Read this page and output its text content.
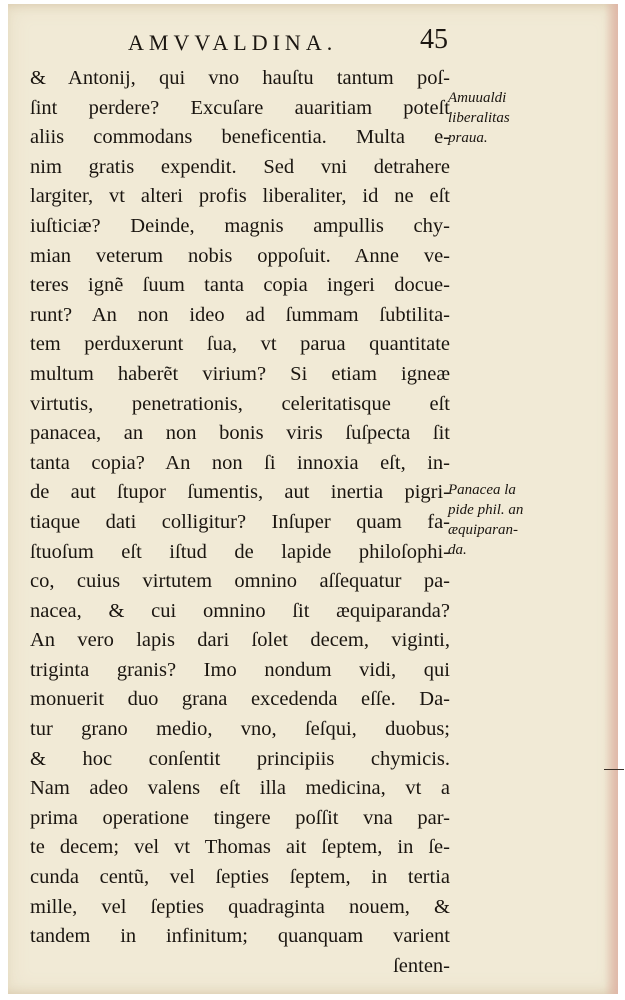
AMVVALDINA.	45
& Antonij, qui vno hauſtu tantum poſ-
ſint perdere? Excuſare auaritiam poteſt
aliis commodans beneficentia. Multa e-
nim gratis expendit. Sed vni detrahere
largiter, vt alteri profis liberaliter, id ne eſt
iuſticiæ? Deinde, magnis ampullis chy-
mian veterum nobis oppoſuit. Anne ve-
teres ignẽ ſuum tanta copia ingeri docue-
runt? An non ideo ad ſummam ſubtilita-
tem perduxerunt ſua, vt parua quantitate
multum haberẽt virium? Si etiam igneæ
virtutis, penetrationis, celeritatisque eſt
panacea, an non bonis viris ſuſpecta ſit
tanta copia? An non ſi innoxia eſt, in-
de aut ſtupor ſumentis, aut inertia pigri-
tiaque dati colligitur? Inſuper quam fa-
ſtuoſum eſt iſtud de lapide philoſophi-
co, cuius virtutem omnino aſſequatur pa-
nacea, & cui omnino ſit æquiparanda?
An vero lapis dari ſolet decem, viginti,
triginta granis? Imo nondum vidi, qui
monuerit duo grana excedenda eſſe. Da-
tur grano medio, vno, ſeſqui, duobus;
& hoc conſentit principiis chymicis.
Nam adeo valens eſt illa medicina, vt a
prima operatione tingere poſſit vna par-
te decem; vel vt Thomas ait ſeptem, in ſe-
cunda centũ, vel ſepties ſeptem, in tertia
mille, vel ſepties quadraginta nouem, &
tandem in infinitum; quanquam varient
ſenten-
Amuualdi
liberalitas
praua.
Panacea la
pide phil. an
æquiparan-
da.
